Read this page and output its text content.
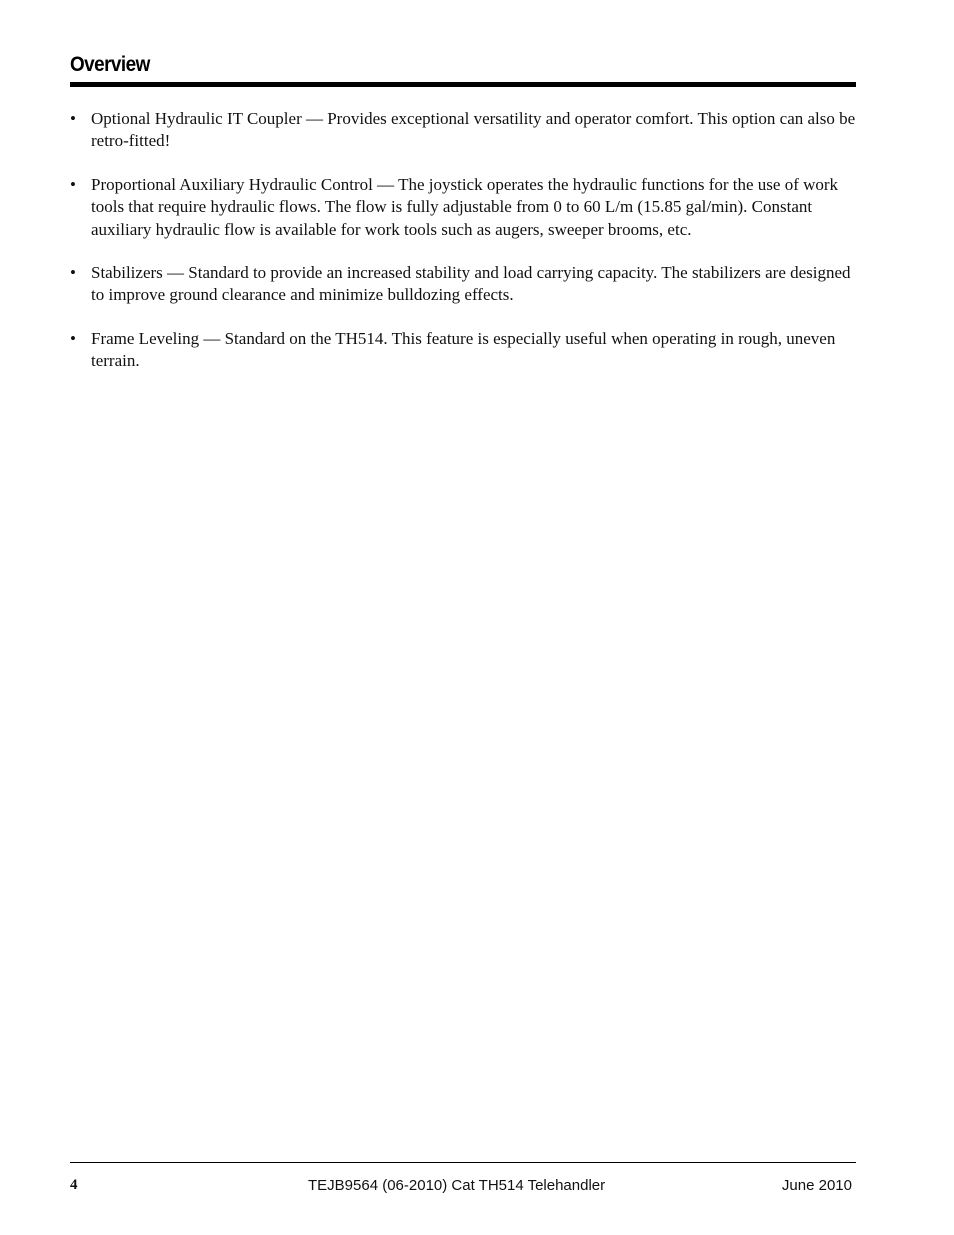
Overview
• Optional Hydraulic IT Coupler — Provides exceptional versatility and operator comfort. This option can also be retro-fitted!
• Proportional Auxiliary Hydraulic Control — The joystick operates the hydraulic functions for the use of work tools that require hydraulic flows. The flow is fully adjustable from 0 to 60 L/m (15.85 gal/min). Constant auxiliary hydraulic flow is available for work tools such as augers, sweeper brooms, etc.
• Stabilizers — Standard to provide an increased stability and load carrying capacity. The stabilizers are designed to improve ground clearance and minimize bulldozing effects.
• Frame Leveling — Standard on the TH514. This feature is especially useful when operating in rough, uneven terrain.
4	TEJB9564 (06-2010) Cat TH514 Telehandler	June 2010
